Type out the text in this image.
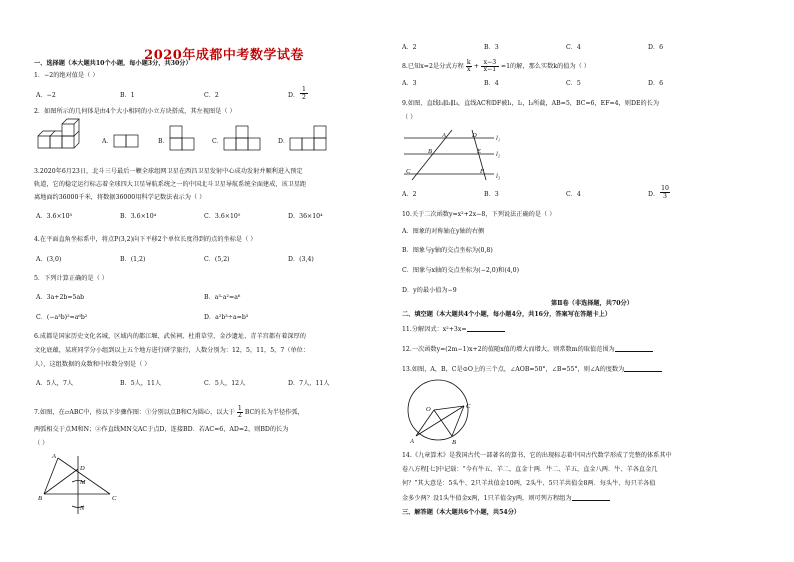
2020年成都中考数学试卷
一、选择题（本大题共10个小题，每小题3分，共30分）
1．−2的绝对值是（ ）
A．−2	B．1	C．2	D． $\frac{1}{2}$
2．如图所示的几何体是由4个大小相同的小立方块搭成，其左视图是（ ）
A．	B．	C．	D．
3.2020年6月23日，北斗三号最后一颗全球组网卫星在西昌卫星发射中心成功发射并顺利进入预定
轨道，它的稳定运行标志着全球四大卫星导航系统之一的中国北斗卫星导航系统全面建成，该卫星距
离地面约36000千米，将数据36000用科学记数法表示为（ ）
A．3.6×10³	B．3.6×10⁴	C．3.6×10⁵	D．36×10⁴
4.在平面直角坐标系中，将点P(3,2)向下平移2个单位长度得到的点的坐标是（ ）
A．(3,0)	B．(1,2)	C．(5,2)	D．(3,4)
5．下列计算正确的是（ ）
A．3a+2b=5ab	B．a³·a²=a⁶
C．(−a³b)²=a⁶b²	D．a²b³÷a=b³
6.成都是国家历史文化名城，区域内的都江堰、武侯祠、杜甫草堂、金沙遗址、青羊宫都有着深厚的
文化底蕴，某班同学分小组到以上五个地方进行研学旅行，人数分别为：12，5，11，5，7（单位：
人），这组数据的众数和中位数分别是（ ）
A．5人，7人	B．5人，11人	C．5人，12人	D．7人，11人
7.如图，在▱ABC中，按以下步骤作图：①分别以点B和C为圆心，以大于 $\frac{1}{2}$ BC的长为半径作弧，
两弧相交于点M和N；②作直线MN交AC于点D，连接BD．若AC=6，AD=2，则BD的长为
（ ）
A
B	C
D
M
N
A．2	B．3	C．4	D．6
8.已知x=2是分式方程 $\frac{k}{x} + \frac{x-3}{x-1} =1$的解，那么实数k的值为（ ）
A．3	B．4	C．5	D．6
9.如图，直线l₁∥l₂∥l₃，直线AC和DF被l₁，l₂，l₃所截，AB=5，BC=6，EF=4，则DE的长为
（ ）
A
B
C
D
E
F
l₁
l₂
l₃
A．2	B．3	C．4	D． $\frac{10}{3}$
10.关于二次函数y=x²+2x−8，下列说法正确的是（ ）
A．图象的对称轴在y轴的右侧
B．图象与y轴的交点坐标为(0,8)
C．图象与x轴的交点坐标为(−2,0)和(4,0)
D．y的最小值为−9
第Ⅱ卷（非选择题，共70分）
二、填空题（本大题共4个小题，每小题4分，共16分，答案写在答题卡上）
11.分解因式：x²+3x=
12.一次函数y=(2m−1)x+2的值随x值的增大而增大，则常数m的取值范围为
13.如图，A，B，C是⊙O上的三个点，∠AOB=50°，∠B=55°，则∠A的度数为
O
A	B
C
14.《九章算术》是我国古代一部著名的算书，它的出现标志着中国古代数学形成了完整的体系其中
卷八方程[七]中记载：“今有牛五、羊二，直金十两．牛二、羊五，直金八两．牛、羊各直金几
何？”其大意是：5头牛、2只羊共值金10两，2头牛、5只羊共值金8两．每头牛、每只羊各值
金多少两？设1头牛值金x两，1只羊值金y两，则可列方程组为
三、解答题（本大题共6个小题，共54分）
